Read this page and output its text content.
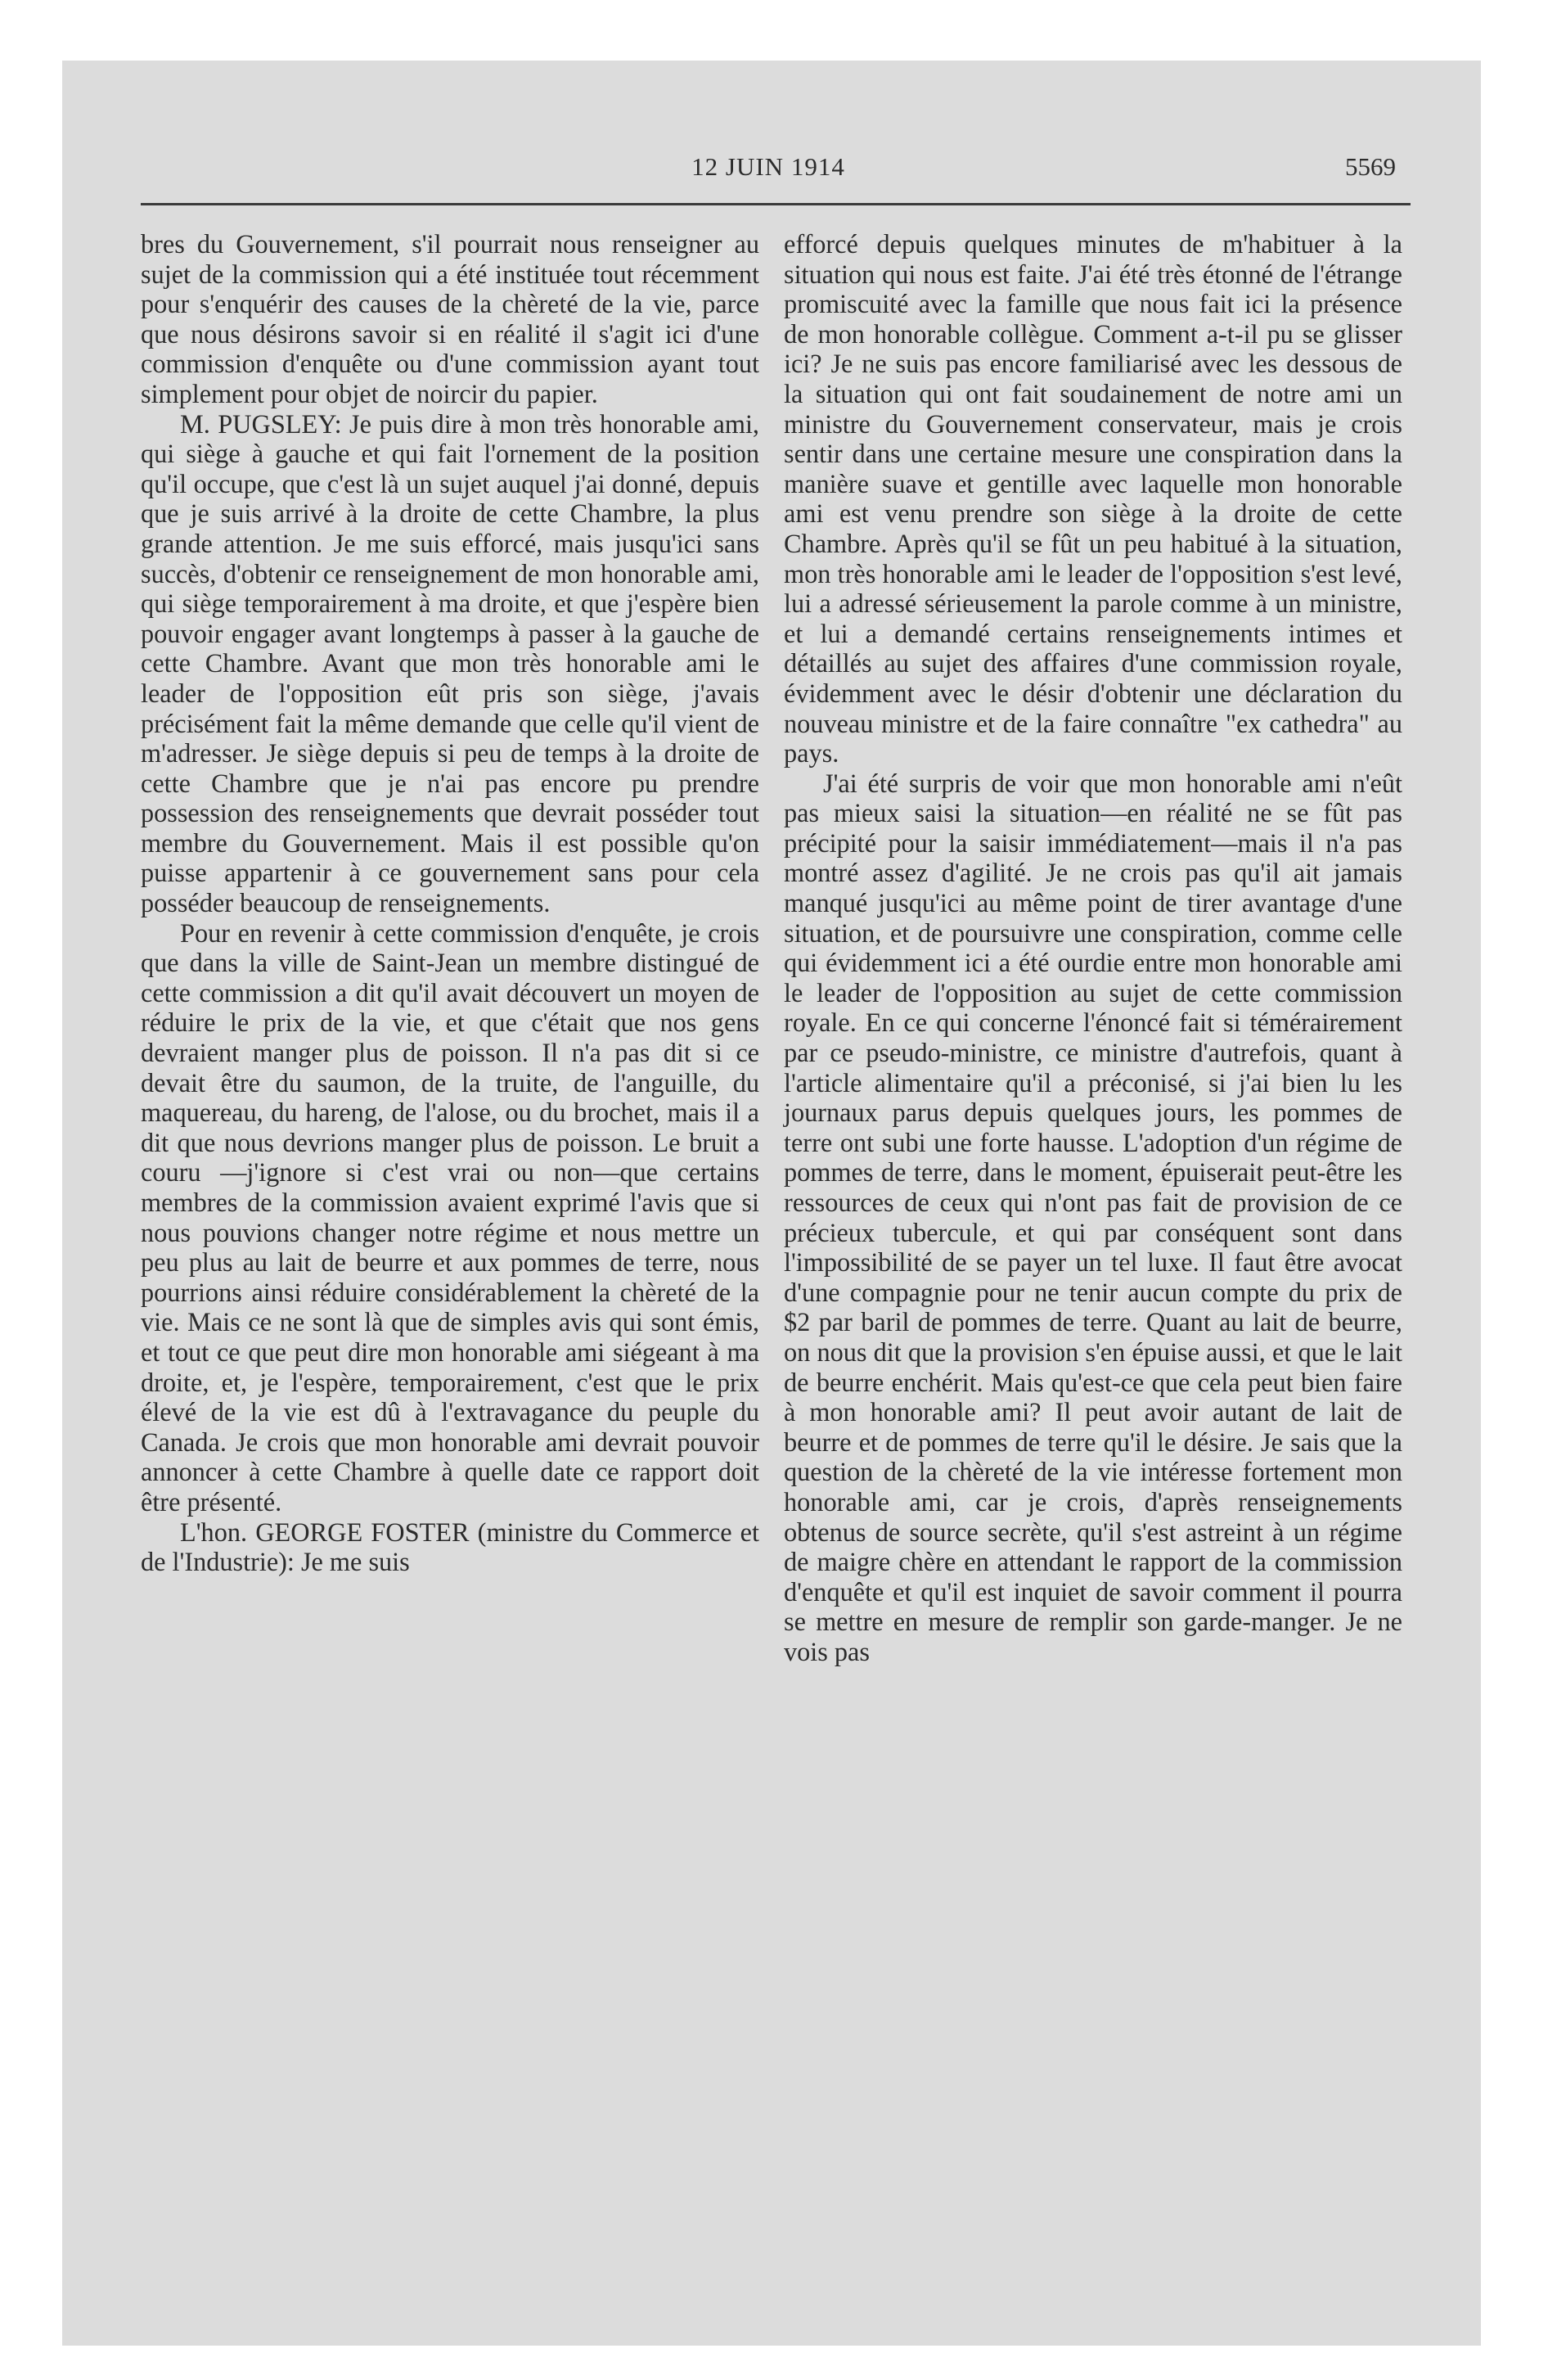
12 JUIN 1914	5569

bres du Gouvernement, s'il pourrait nous renseigner au sujet de la commission qui a été instituée tout récemment pour s'enquérir des causes de la chèreté de la vie, parce que nous désirons savoir si en réalité il s'agit ici d'une commission d'enquête ou d'une commission ayant tout simplement pour objet de noircir du papier.

M. PUGSLEY: Je puis dire à mon très honorable ami, qui siège à gauche et qui fait l'ornement de la position qu'il occupe, que c'est là un sujet auquel j'ai donné, depuis que je suis arrivé à la droite de cette Chambre, la plus grande attention. Je me suis efforcé, mais jusqu'ici sans succès, d'obtenir ce renseignement de mon honorable ami, qui siège temporairement à ma droite, et que j'espère bien pouvoir engager avant longtemps à passer à la gauche de cette Chambre. Avant que mon très honorable ami le leader de l'opposition eût pris son siège, j'avais précisément fait la même demande que celle qu'il vient de m'adresser. Je siège depuis si peu de temps à la droite de cette Chambre que je n'ai pas encore pu prendre possession des renseignements que devrait posséder tout membre du Gouvernement. Mais il est possible qu'on puisse appartenir à ce gouvernement sans pour cela posséder beaucoup de renseignements.

Pour en revenir à cette commission d'enquête, je crois que dans la ville de Saint-Jean un membre distingué de cette commission a dit qu'il avait découvert un moyen de réduire le prix de la vie, et que c'était que nos gens devraient manger plus de poisson. Il n'a pas dit si ce devait être du saumon, de la truite, de l'anguille, du maquereau, du hareng, de l'alose, ou du brochet, mais il a dit que nous devrions manger plus de poisson. Le bruit a couru —j'ignore si c'est vrai ou non—que certains membres de la commission avaient exprimé l'avis que si nous pouvions changer notre régime et nous mettre un peu plus au lait de beurre et aux pommes de terre, nous pourrions ainsi réduire considérablement la chèreté de la vie. Mais ce ne sont là que de simples avis qui sont émis, et tout ce que peut dire mon honorable ami siégeant à ma droite, et, je l'espère, temporairement, c'est que le prix élevé de la vie est dû à l'extravagance du peuple du Canada. Je crois que mon honorable ami devrait pouvoir annoncer à cette Chambre à quelle date ce rapport doit être présenté.

L'hon. GEORGE FOSTER (ministre du Commerce et de l'Industrie): Je me suis

efforcé depuis quelques minutes de m'habituer à la situation qui nous est faite. J'ai été très étonné de l'étrange promiscuité avec la famille que nous fait ici la présence de mon honorable collègue. Comment a-t-il pu se glisser ici? Je ne suis pas encore familiarisé avec les dessous de la situation qui ont fait soudainement de notre ami un ministre du Gouvernement conservateur, mais je crois sentir dans une certaine mesure une conspiration dans la manière suave et gentille avec laquelle mon honorable ami est venu prendre son siège à la droite de cette Chambre. Après qu'il se fût un peu habitué à la situation, mon très honorable ami le leader de l'opposition s'est levé, lui a adressé sérieusement la parole comme à un ministre, et lui a demandé certains renseignements intimes et détaillés au sujet des affaires d'une commission royale, évidemment avec le désir d'obtenir une déclaration du nouveau ministre et de la faire connaître "ex cathedra" au pays.

J'ai été surpris de voir que mon honorable ami n'eût pas mieux saisi la situation—en réalité ne se fût pas précipité pour la saisir immédiatement—mais il n'a pas montré assez d'agilité. Je ne crois pas qu'il ait jamais manqué jusqu'ici au même point de tirer avantage d'une situation, et de poursuivre une conspiration, comme celle qui évidemment ici a été ourdie entre mon honorable ami le leader de l'opposition au sujet de cette commission royale. En ce qui concerne l'énoncé fait si témérairement par ce pseudo-ministre, ce ministre d'autrefois, quant à l'article alimentaire qu'il a préconisé, si j'ai bien lu les journaux parus depuis quelques jours, les pommes de terre ont subi une forte hausse. L'adoption d'un régime de pommes de terre, dans le moment, épuiserait peut-être les ressources de ceux qui n'ont pas fait de provision de ce précieux tubercule, et qui par conséquent sont dans l'impossibilité de se payer un tel luxe. Il faut être avocat d'une compagnie pour ne tenir aucun compte du prix de $2 par baril de pommes de terre. Quant au lait de beurre, on nous dit que la provision s'en épuise aussi, et que le lait de beurre enchérit. Mais qu'est-ce que cela peut bien faire à mon honorable ami? Il peut avoir autant de lait de beurre et de pommes de terre qu'il le désire. Je sais que la question de la chèreté de la vie intéresse fortement mon honorable ami, car je crois, d'après renseignements obtenus de source secrète, qu'il s'est astreint à un régime de maigre chère en attendant le rapport de la commission d'enquête et qu'il est inquiet de savoir comment il pourra se mettre en mesure de remplir son garde-manger. Je ne vois pas
